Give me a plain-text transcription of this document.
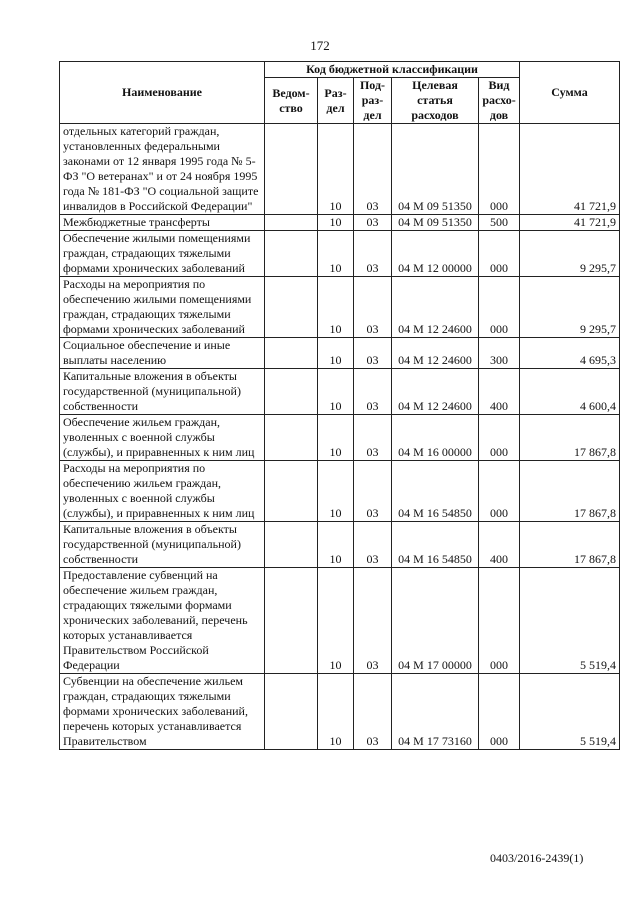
172
Наименование	Код бюджетной классификации					Сумма
	Ведом-ство	Раз-дел	Под-раз-дел	Целевая статья расходов	Вид расхо-дов	
отдельных категорий граждан, установленных федеральными законами от 12 января 1995 года № 5-ФЗ "О ветеранах" и от 24 ноября 1995 года № 181-ФЗ "О социальной защите инвалидов в Российской Федерации"		10	03	04 М 09 51350	000	41 721,9
Межбюджетные трансферты		10	03	04 М 09 51350	500	41 721,9
Обеспечение жилыми помещениями граждан, страдающих тяжелыми формами хронических заболеваний		10	03	04 М 12 00000	000	9 295,7
Расходы на мероприятия по обеспечению жилыми помещениями граждан, страдающих тяжелыми формами хронических заболеваний		10	03	04 М 12 24600	000	9 295,7
Социальное обеспечение и иные выплаты населению		10	03	04 М 12 24600	300	4 695,3
Капитальные вложения в объекты государственной (муниципальной) собственности		10	03	04 М 12 24600	400	4 600,4
Обеспечение жильем граждан, уволенных с военной службы (службы), и приравненных к ним лиц		10	03	04 М 16 00000	000	17 867,8
Расходы на мероприятия по обеспечению жильем граждан, уволенных с военной службы (службы), и приравненных к ним лиц		10	03	04 М 16 54850	000	17 867,8
Капитальные вложения в объекты государственной (муниципальной) собственности		10	03	04 М 16 54850	400	17 867,8
Предоставление субвенций на обеспечение жильем граждан, страдающих тяжелыми формами хронических заболеваний, перечень которых устанавливается Правительством Российской Федерации		10	03	04 М 17 00000	000	5 519,4
Субвенции на обеспечение жильем граждан, страдающих тяжелыми формами хронических заболеваний, перечень которых устанавливается Правительством		10	03	04 М 17 73160	000	5 519,4
0403/2016-2439(1)
